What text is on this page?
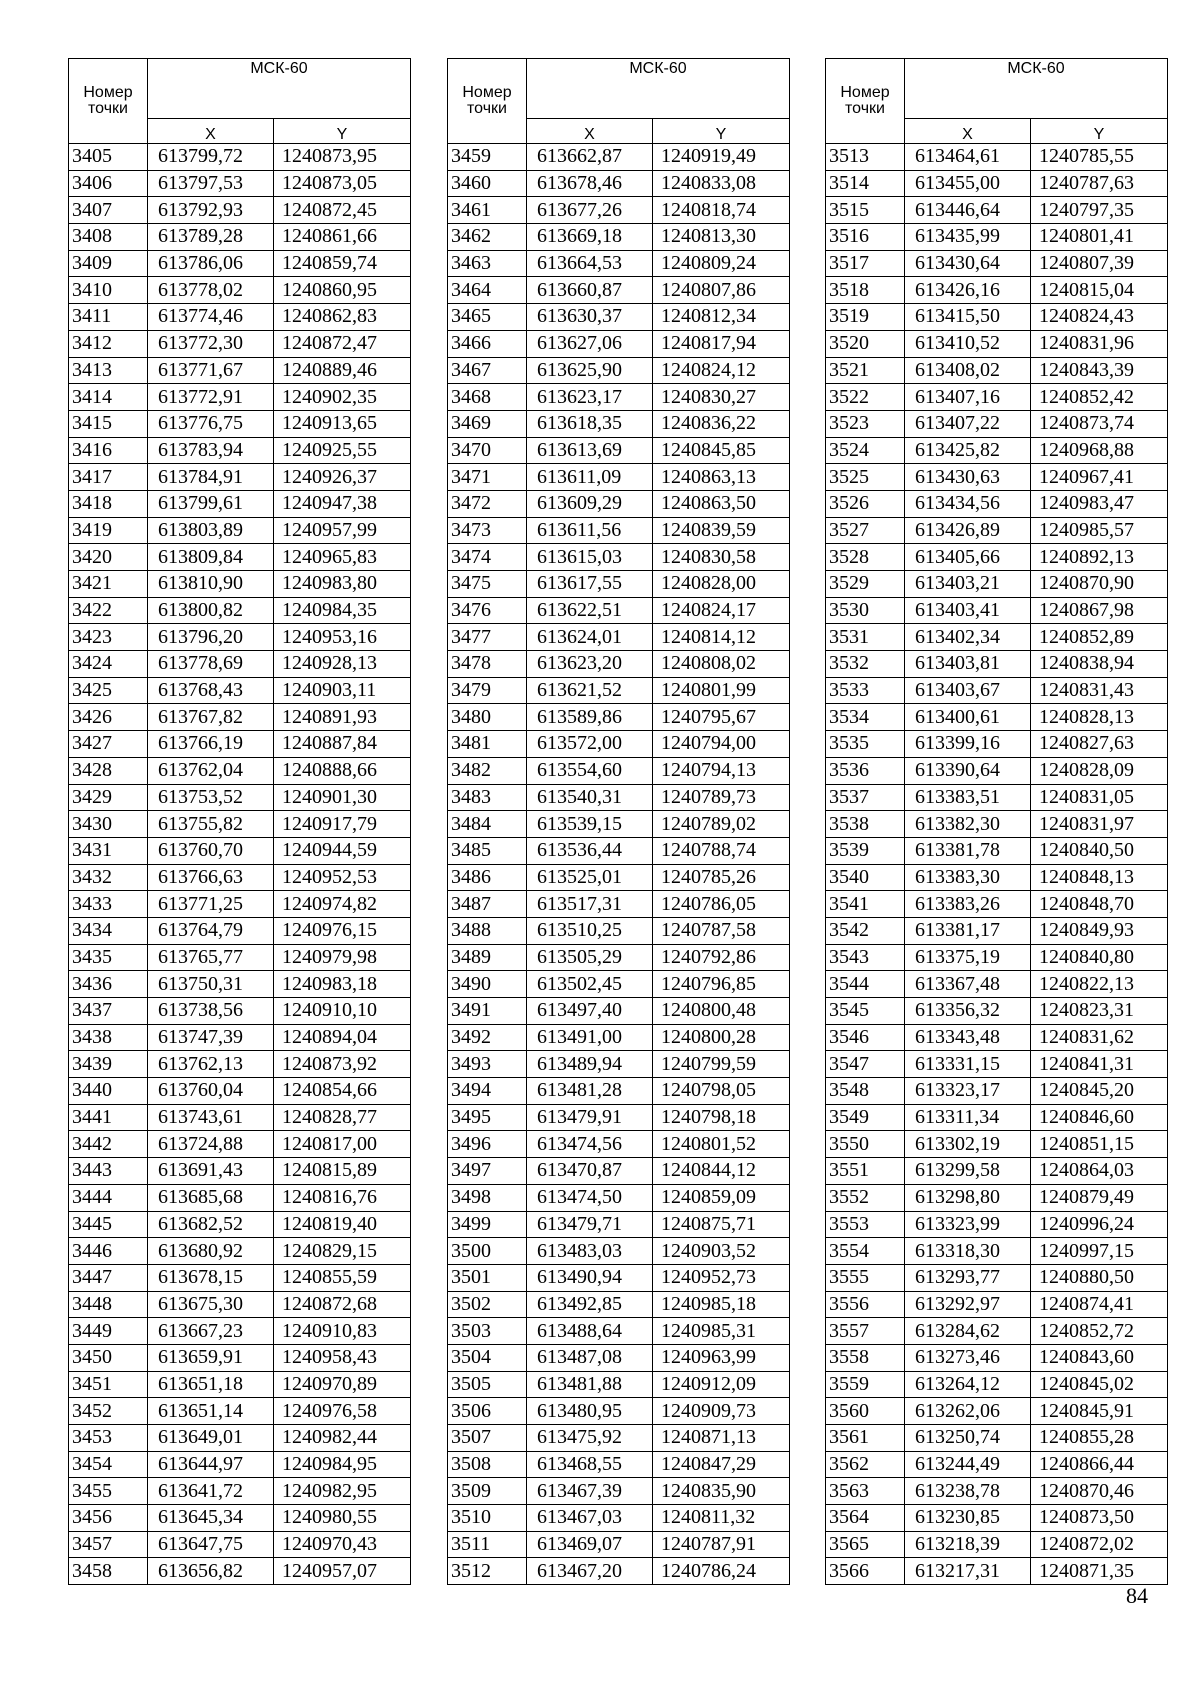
Номер точки	МСК-60	
	X	Y
3405	613799,72	1240873,95
3406	613797,53	1240873,05
3407	613792,93	1240872,45
3408	613789,28	1240861,66
3409	613786,06	1240859,74
3410	613778,02	1240860,95
3411	613774,46	1240862,83
3412	613772,30	1240872,47
3413	613771,67	1240889,46
3414	613772,91	1240902,35
3415	613776,75	1240913,65
3416	613783,94	1240925,55
3417	613784,91	1240926,37
3418	613799,61	1240947,38
3419	613803,89	1240957,99
3420	613809,84	1240965,83
3421	613810,90	1240983,80
3422	613800,82	1240984,35
3423	613796,20	1240953,16
3424	613778,69	1240928,13
3425	613768,43	1240903,11
3426	613767,82	1240891,93
3427	613766,19	1240887,84
3428	613762,04	1240888,66
3429	613753,52	1240901,30
3430	613755,82	1240917,79
3431	613760,70	1240944,59
3432	613766,63	1240952,53
3433	613771,25	1240974,82
3434	613764,79	1240976,15
3435	613765,77	1240979,98
3436	613750,31	1240983,18
3437	613738,56	1240910,10
3438	613747,39	1240894,04
3439	613762,13	1240873,92
3440	613760,04	1240854,66
3441	613743,61	1240828,77
3442	613724,88	1240817,00
3443	613691,43	1240815,89
3444	613685,68	1240816,76
3445	613682,52	1240819,40
3446	613680,92	1240829,15
3447	613678,15	1240855,59
3448	613675,30	1240872,68
3449	613667,23	1240910,83
3450	613659,91	1240958,43
3451	613651,18	1240970,89
3452	613651,14	1240976,58
3453	613649,01	1240982,44
3454	613644,97	1240984,95
3455	613641,72	1240982,95
3456	613645,34	1240980,55
3457	613647,75	1240970,43
3458	613656,82	1240957,07
Номер точки	МСК-60	
	X	Y
3459	613662,87	1240919,49
3460	613678,46	1240833,08
3461	613677,26	1240818,74
3462	613669,18	1240813,30
3463	613664,53	1240809,24
3464	613660,87	1240807,86
3465	613630,37	1240812,34
3466	613627,06	1240817,94
3467	613625,90	1240824,12
3468	613623,17	1240830,27
3469	613618,35	1240836,22
3470	613613,69	1240845,85
3471	613611,09	1240863,13
3472	613609,29	1240863,50
3473	613611,56	1240839,59
3474	613615,03	1240830,58
3475	613617,55	1240828,00
3476	613622,51	1240824,17
3477	613624,01	1240814,12
3478	613623,20	1240808,02
3479	613621,52	1240801,99
3480	613589,86	1240795,67
3481	613572,00	1240794,00
3482	613554,60	1240794,13
3483	613540,31	1240789,73
3484	613539,15	1240789,02
3485	613536,44	1240788,74
3486	613525,01	1240785,26
3487	613517,31	1240786,05
3488	613510,25	1240787,58
3489	613505,29	1240792,86
3490	613502,45	1240796,85
3491	613497,40	1240800,48
3492	613491,00	1240800,28
3493	613489,94	1240799,59
3494	613481,28	1240798,05
3495	613479,91	1240798,18
3496	613474,56	1240801,52
3497	613470,87	1240844,12
3498	613474,50	1240859,09
3499	613479,71	1240875,71
3500	613483,03	1240903,52
3501	613490,94	1240952,73
3502	613492,85	1240985,18
3503	613488,64	1240985,31
3504	613487,08	1240963,99
3505	613481,88	1240912,09
3506	613480,95	1240909,73
3507	613475,92	1240871,13
3508	613468,55	1240847,29
3509	613467,39	1240835,90
3510	613467,03	1240811,32
3511	613469,07	1240787,91
3512	613467,20	1240786,24
Номер точки	МСК-60	
	X	Y
3513	613464,61	1240785,55
3514	613455,00	1240787,63
3515	613446,64	1240797,35
3516	613435,99	1240801,41
3517	613430,64	1240807,39
3518	613426,16	1240815,04
3519	613415,50	1240824,43
3520	613410,52	1240831,96
3521	613408,02	1240843,39
3522	613407,16	1240852,42
3523	613407,22	1240873,74
3524	613425,82	1240968,88
3525	613430,63	1240967,41
3526	613434,56	1240983,47
3527	613426,89	1240985,57
3528	613405,66	1240892,13
3529	613403,21	1240870,90
3530	613403,41	1240867,98
3531	613402,34	1240852,89
3532	613403,81	1240838,94
3533	613403,67	1240831,43
3534	613400,61	1240828,13
3535	613399,16	1240827,63
3536	613390,64	1240828,09
3537	613383,51	1240831,05
3538	613382,30	1240831,97
3539	613381,78	1240840,50
3540	613383,30	1240848,13
3541	613383,26	1240848,70
3542	613381,17	1240849,93
3543	613375,19	1240840,80
3544	613367,48	1240822,13
3545	613356,32	1240823,31
3546	613343,48	1240831,62
3547	613331,15	1240841,31
3548	613323,17	1240845,20
3549	613311,34	1240846,60
3550	613302,19	1240851,15
3551	613299,58	1240864,03
3552	613298,80	1240879,49
3553	613323,99	1240996,24
3554	613318,30	1240997,15
3555	613293,77	1240880,50
3556	613292,97	1240874,41
3557	613284,62	1240852,72
3558	613273,46	1240843,60
3559	613264,12	1240845,02
3560	613262,06	1240845,91
3561	613250,74	1240855,28
3562	613244,49	1240866,44
3563	613238,78	1240870,46
3564	613230,85	1240873,50
3565	613218,39	1240872,02
3566	613217,31	1240871,35
84
